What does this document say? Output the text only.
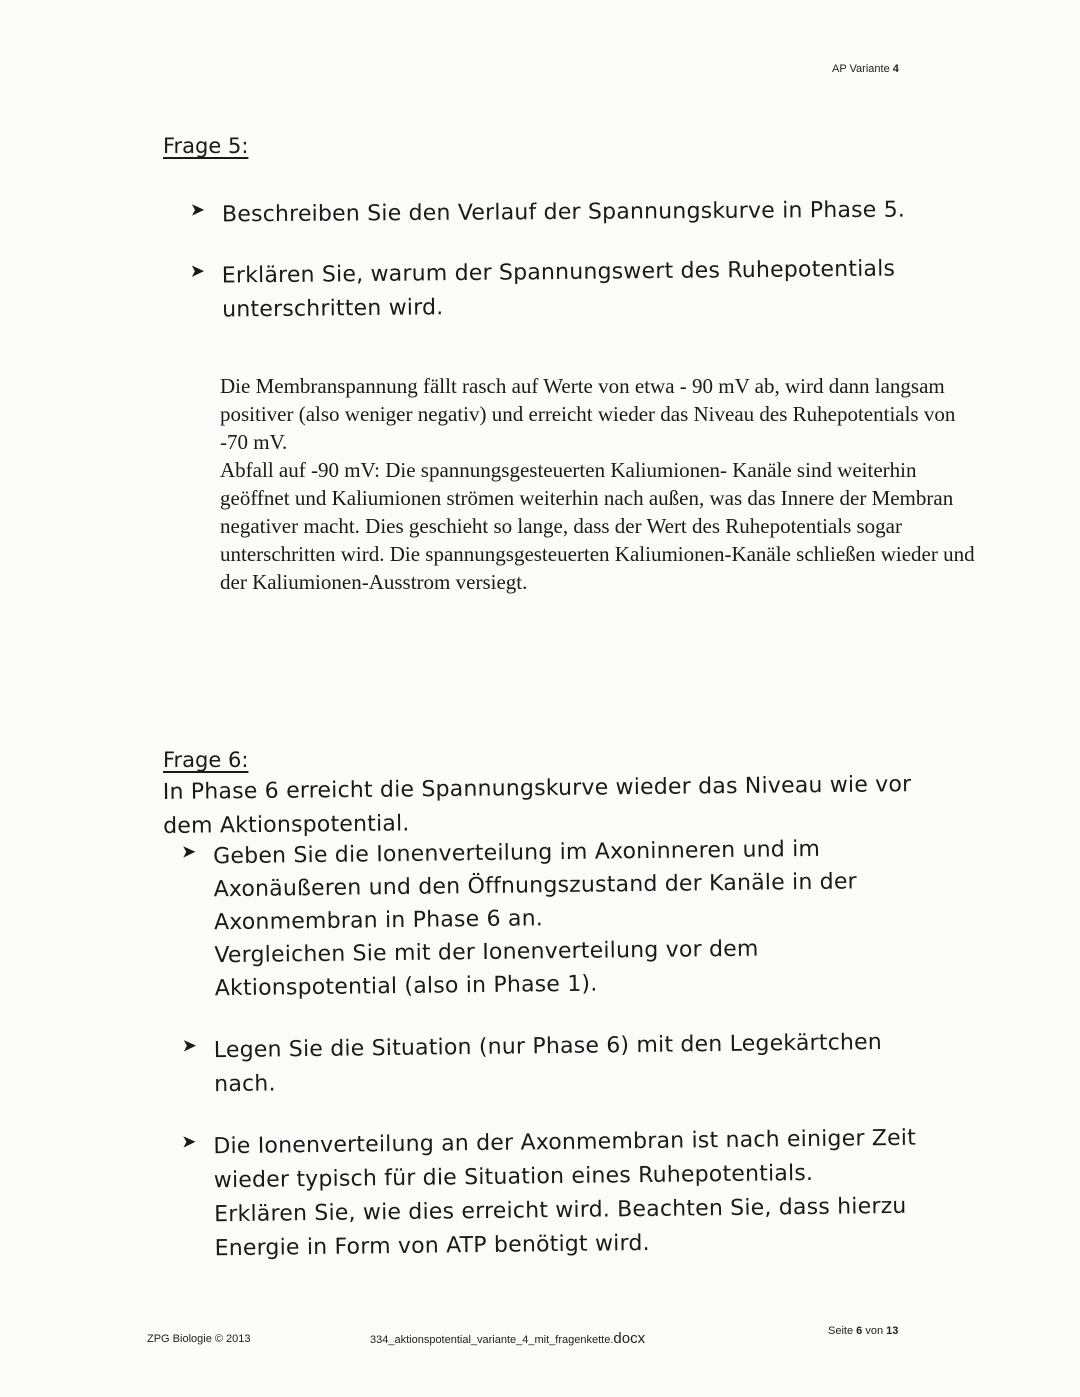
AP Variante 4
Frage 5:
➤ Beschreiben Sie den Verlauf der Spannungskurve in Phase 5.
➤ Erklären Sie, warum der Spannungswert des Ruhepotentials unterschritten wird.

Die Membranspannung fällt rasch auf Werte von etwa - 90 mV ab, wird dann langsam positiver (also weniger negativ) und erreicht wieder das Niveau des Ruhepotentials von -70 mV.

Abfall auf -90 mV: Die spannungsgesteuerten Kaliumionen- Kanäle sind weiterhin geöffnet und Kaliumionen strömen weiterhin nach außen, was das Innere der Membran negativer macht. Dies geschieht so lange, dass der Wert des Ruhepotentials sogar unterschritten wird. Die spannungsgesteuerten Kaliumionen-Kanäle schließen wieder und der Kaliumionen-Ausstrom versiegt.

Frage 6:
In Phase 6 erreicht die Spannungskurve wieder das Niveau wie vor dem Aktionspotential.
➤ Geben Sie die Ionenverteilung im Axoninneren und im Axonäußeren und den Öffnungszustand der Kanäle in der Axonmembran in Phase 6 an.
Vergleichen Sie mit der Ionenverteilung vor dem Aktionspotential (also in Phase 1).
➤ Legen Sie die Situation (nur Phase 6) mit den Legekärtchen nach.
➤ Die Ionenverteilung an der Axonmembran ist nach einiger Zeit wieder typisch für die Situation eines Ruhepotentials.
Erklären Sie, wie dies erreicht wird. Beachten Sie, dass hierzu Energie in Form von ATP benötigt wird.
ZPG Biologie © 2013	334_aktionspotential_variante_4_mit_fragenkette.docx	Seite 6 von 13
